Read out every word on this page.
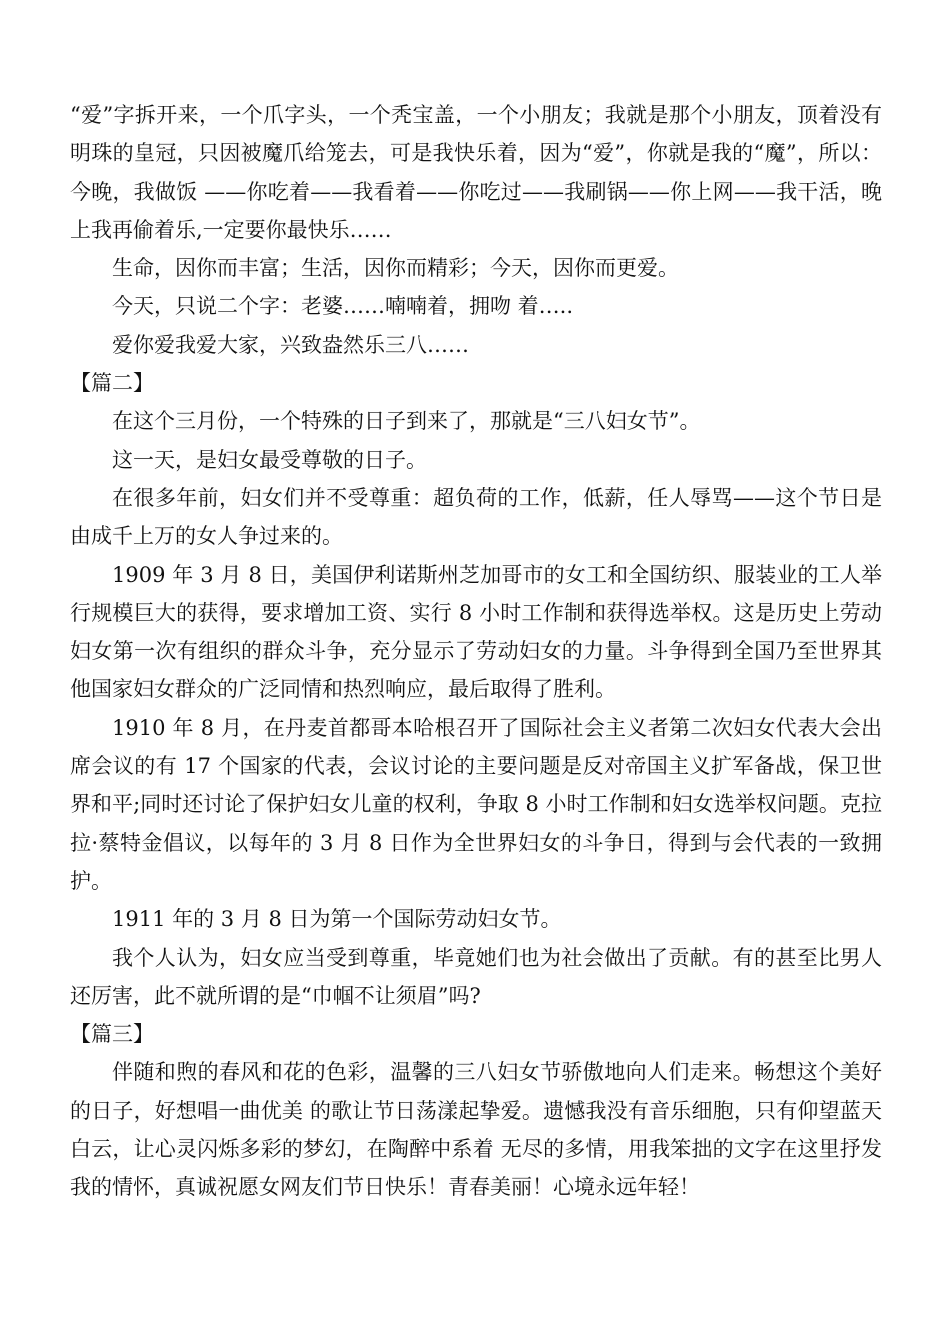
“爱”字拆开来，一个爪字头，一个秃宝盖，一个小朋友；我就是那个小朋友，顶着没有 明珠的皇冠，只因被魔爪给笼去，可是我快乐着，因为“爱”，你就是我的“魔”，所以：今晚，我做饭 ——你吃着——我看着——你吃过——我刷锅——你上网——我干活，晚上我再偷着乐,一定要你最快乐……

生命，因你而丰富；生活，因你而精彩；今天，因你而更爱。

今天，只说二个字：老婆……喃喃着，拥吻 着…..

爱你爱我爱大家，兴致盎然乐三八……

【篇二】

在这个三月份，一个特殊的日子到来了，那就是“三八妇女节”。

这一天，是妇女最受尊敬的日子。

在很多年前，妇女们并不受尊重：超负荷的工作，低薪，任人辱骂——这个节日是由成千上万的女人争过来的。

1909 年 3 月 8 日，美国伊利诺斯州芝加哥市的女工和全国纺织、服装业的工人举行规模巨大的获得，要求增加工资、实行 8 小时工作制和获得选举权。这是历史上劳动妇女第一次有组织的群众斗争，充分显示了劳动妇女的力量。斗争得到全国乃至世界其他国家妇女群众的广泛同情和热烈响应，最后取得了胜利。

1910 年 8 月，在丹麦首都哥本哈根召开了国际社会主义者第二次妇女代表大会出席会议的有 17 个国家的代表，会议讨论的主要问题是反对帝国主义扩军备战，保卫世界和平;同时还讨论了保护妇女儿童的权利，争取 8 小时工作制和妇女选举权问题。克拉拉·蔡特金倡议，以每年的 3 月 8 日作为全世界妇女的斗争日，得到与会代表的一致拥护。

1911 年的 3 月 8 日为第一个国际劳动妇女节。

我个人认为，妇女应当受到尊重，毕竟她们也为社会做出了贡献。有的甚至比男人还厉害，此不就所谓的是“巾帼不让须眉”吗?

【篇三】

伴随和煦的春风和花的色彩，温馨的三八妇女节骄傲地向人们走来。畅想这个美好的日子，好想唱一曲优美 的歌让节日荡漾起挚爱。遗憾我没有音乐细胞，只有仰望蓝天白云，让心灵闪烁多彩的梦幻，在陶醉中系着 无尽的多情，用我笨拙的文字在这里抒发我的情怀，真诚祝愿女网友们节日快乐！青春美丽！心境永远年轻！
